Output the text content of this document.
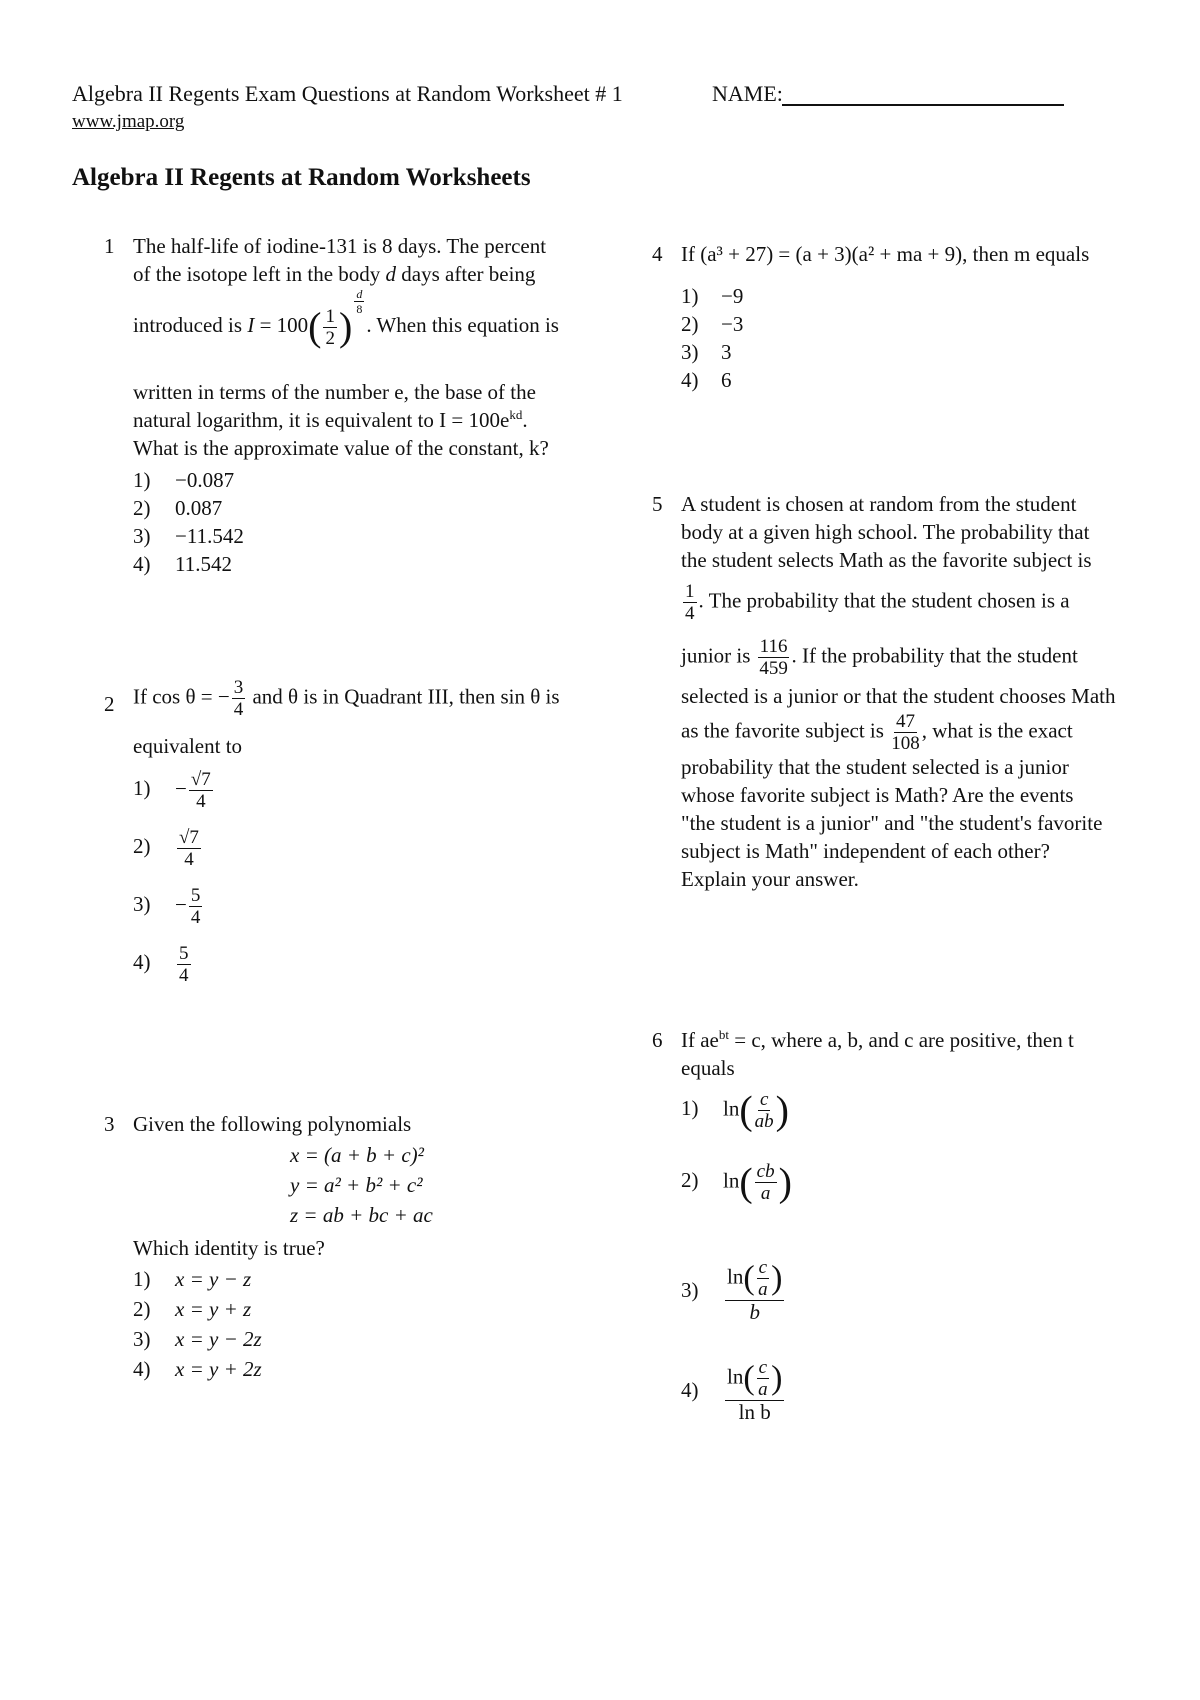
Algebra II Regents Exam Questions at Random Worksheet # 1
www.jmap.org
NAME:
Algebra II Regents at Random Worksheets
1 The half-life of iodine-131 is 8 days. The percent
of the isotope left in the body d days after being
introduced is $I = 100( \frac{1}{2}$ )
$^{\frac{d}{8}}$
. When this equation is
written in terms of the number e, the base of the
natural logarithm, it is equivalent to $I = 100e^{kd}$.
What is the approximate value of the constant, k?
1) −0.087
2) 0.087
3) −11.542
4) 11.542
2 If cos θ = − $\frac{3}{4}$ and θ is in Quadrant III, then sin θ is
equivalent to
$1) - \frac{√7}{4}$
$2) \frac{√7}{4}$
$3) - \frac{5}{4}$
$4) \frac{5}{4}$
3 Given the following polynomials
x = (a + b + c)²
y = a² + b² + c²
z = ab + bc + ac
Which identity is true?
1) x = y − z
2) x = y + z
3) x = y − 2z
4) x = y + 2z
4 If (a³ + 27) = (a + 3)(a² + ma + 9), then m equals
1) −9
2) −3
3) 3
4) 6
5 A student is chosen at random from the student
body at a given high school. The probability that
the student selects Math as the favorite subject is
$\frac{1}{4}$ . The probability that the student chosen is a
junior is $\frac{116}{459}$ . If the probability that the student
selected is a junior or that the student chooses Math
as the favorite subject is $\frac{47}{108}$ , what is the exact
probability that the student selected is a junior
whose favorite subject is Math? Are the events
"the student is a junior" and "the student's favorite
subject is Math" independent of each other?
Explain your answer.
6 If $ae^{bt} = c$, where a, b, and c are positive, then t
equals
1) $\ln( \frac{c}{ab}$ )
2) $\ln( \frac{cb}{a}$ )
3)	$\frac{\ln( \frac{c}{a} )}{b}$
4)	$\frac{\ln( \frac{c}{a} )}{\text{ln b}}$
